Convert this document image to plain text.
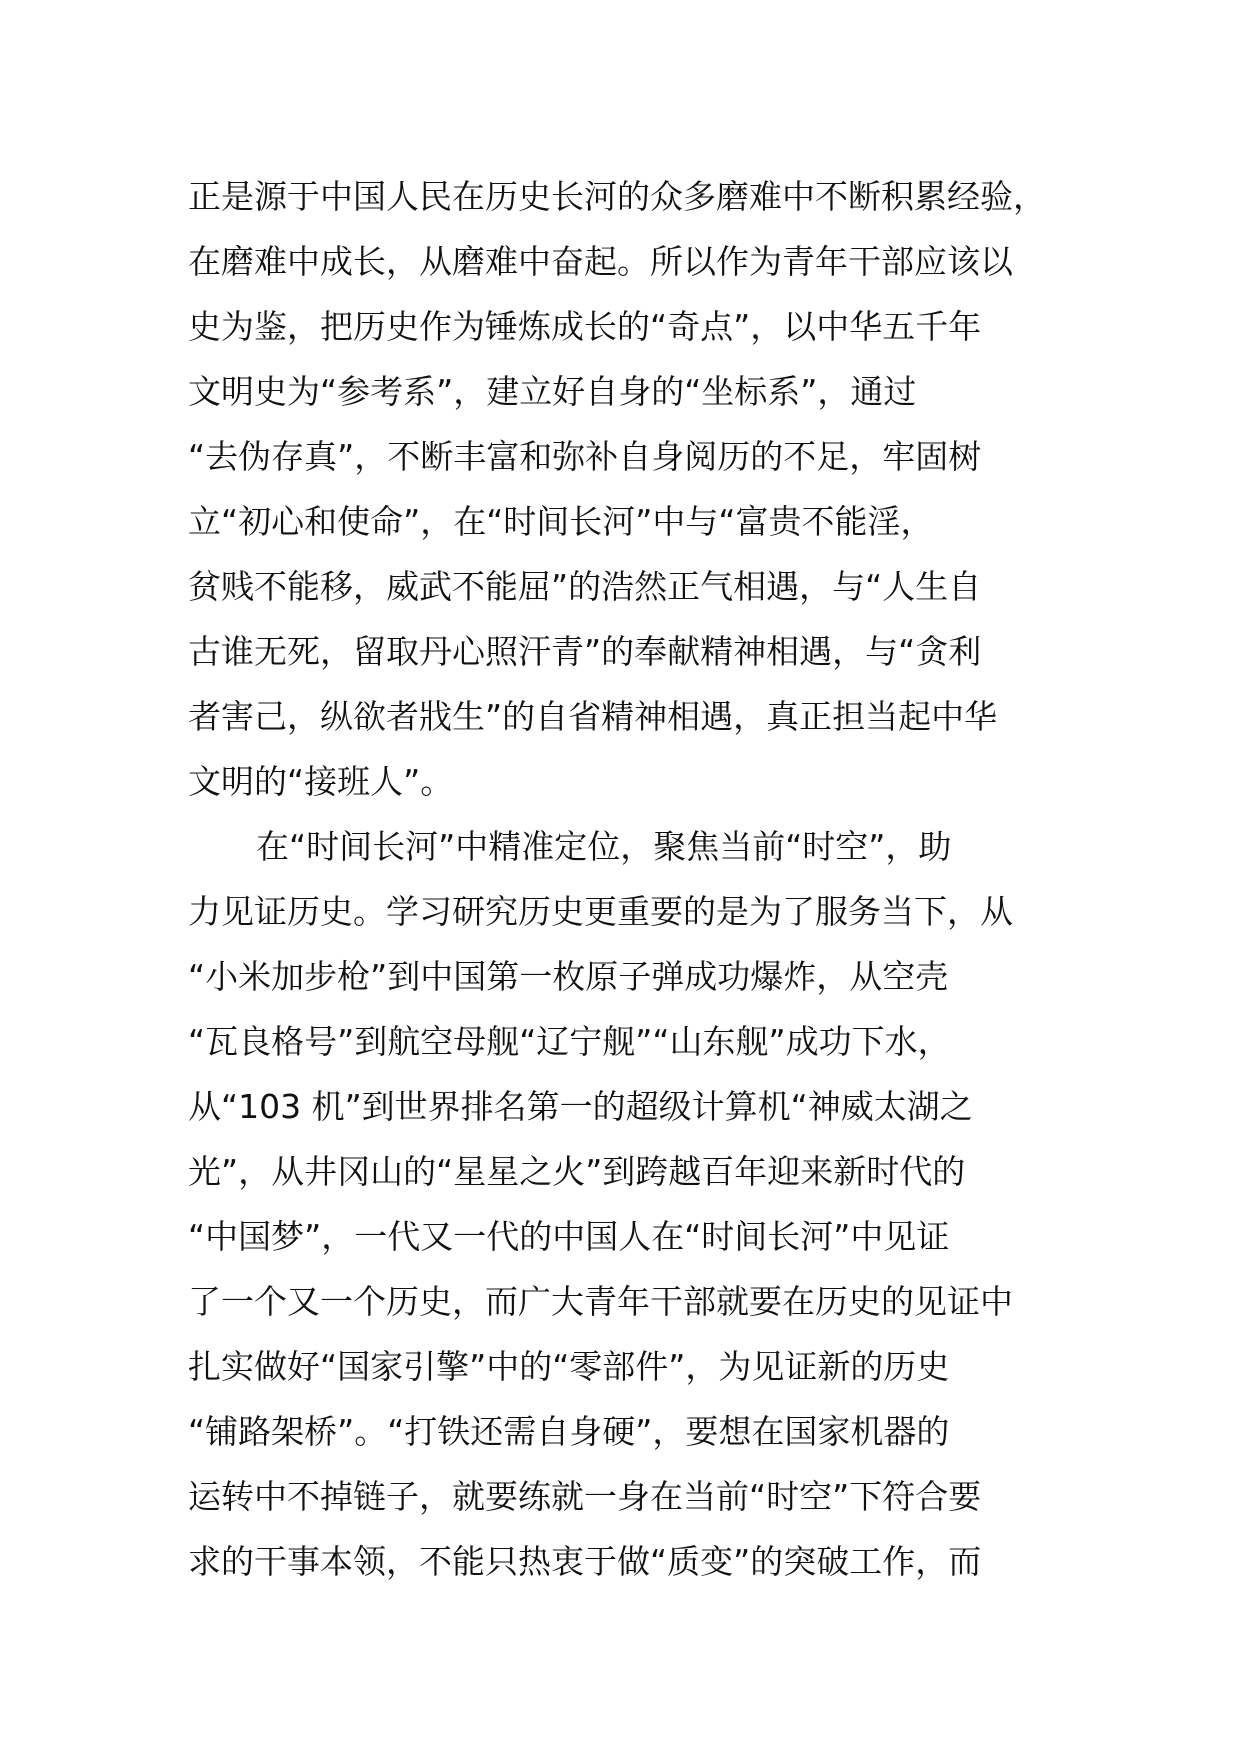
正是源于中国人民在历史长河的众多磨难中不断积累经验，
在磨难中成长，从磨难中奋起。所以作为青年干部应该以
史为鉴，把历史作为锤炼成长的“奇点”，以中华五千年
文明史为“参考系”，建立好自身的“坐标系”，通过
“去伪存真”，不断丰富和弥补自身阅历的不足，牢固树
立“初心和使命”，在“时间长河”中与“富贵不能淫，
贫贱不能移，威武不能屈”的浩然正气相遇，与“人生自
古谁无死，留取丹心照汗青”的奉献精神相遇，与“贪利
者害己，纵欲者戕生”的自省精神相遇，真正担当起中华
文明的“接班人”。
在“时间长河”中精准定位，聚焦当前“时空”，助
力见证历史。学习研究历史更重要的是为了服务当下，从
“小米加步枪”到中国第一枚原子弹成功爆炸，从空壳
“瓦良格号”到航空母舰“辽宁舰”“山东舰”成功下水，
从“103 机”到世界排名第一的超级计算机“神威太湖之
光”，从井冈山的“星星之火”到跨越百年迎来新时代的
“中国梦”，一代又一代的中国人在“时间长河”中见证
了一个又一个历史，而广大青年干部就要在历史的见证中
扎实做好“国家引擎”中的“零部件”，为见证新的历史
“铺路架桥”。“打铁还需自身硬”，要想在国家机器的
运转中不掉链子，就要练就一身在当前“时空”下符合要
求的干事本领，不能只热衷于做“质变”的突破工作，而
